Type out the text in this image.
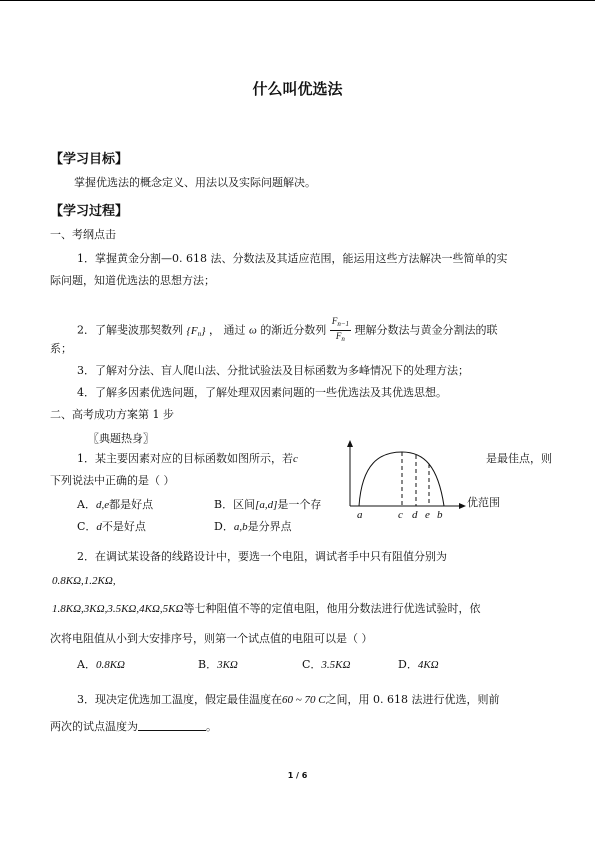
什么叫优选法
【学习目标】
掌握优选法的概念定义、用法以及实际问题解决。
【学习过程】
一、考纲点击
1．掌握黄金分割—0. 618 法、分数法及其适应范围，能运用这些方法解决一些简单的实
际问题，知道优选法的思想方法；
2．了解斐波那契数列 $\{F_n\}$ ， 通过 ω 的渐近分数列 $\frac{F_{n-1}}{F_n}$ 理解分数法与黄金分割法的联
系；
3．了解对分法、盲人爬山法、分批试验法及目标函数为多峰情况下的处理方法；
4．了解多因素优选问题，了解处理双因素问题的一些优选法及其优选思想。
二、高考成功方案第 1 步
〖典题热身〗
1．某主要因素对应的目标函数如图所示，若c	是最佳点，则
下列说法中正确的是（ ）
A．d,e都是好点	B．区间[a,d]是一个存
C．d不是好点	D．a,b是分界点
a	c d e b
优范围
2．在调试某设备的线路设计中，要选一个电阻，调试者手中只有阻值分别为
0.8KΩ,1.2KΩ,
1.8KΩ,3KΩ,3.5KΩ,4KΩ,5KΩ等七种阻值不等的定值电阻，他用分数法进行优选试验时，依
次将电阻值从小到大安排序号，则第一个试点值的电阻可以是（ ）
A．0.8KΩ	B．3KΩ	C．3.5KΩ	D．4KΩ
3．现决定优选加工温度，假定最佳温度在60 ~ 70 C之间，用 0. 618 法进行优选，则前
两次的试点温度为	。
1 / 6
